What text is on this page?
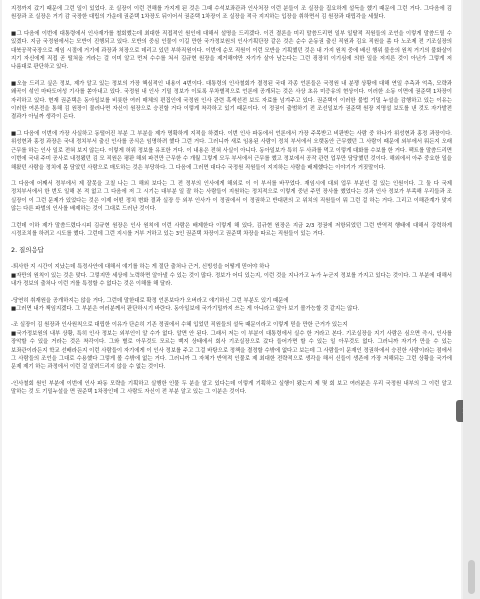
지정까지 갔기 때문에 그런 일이 있었다. 조 실장이 이런 견해를 가지게 된 것은 그때 수석보좌관과 인사처장 이런 분들이 조 실장을 집요하게 설득을 했기 때문에 그런 거다. 그다음에 김 원장과 조 실장은 거기 감 국장한 대립의 가운데 권준택 1차장도 뒤이어서 권준택 1차장이 조 실장을 적극 지지하는 입장을 취하면서 김 원장과 대립각을 세웠다.
■그 다음에 이번에 대통령에서 인사재가를 철회했는데 최대한 직접적인 원인에 대해서 설명을 드리겠다. 이건 결론을 미리 말씀드리면 일부 일탈적 직원들의 조언을 이렇게 말씀드릴 수 있겠다. 지금 국정원에서는 모반이 진행되고 있다. 모반의 중심 인물이 이길 만한 국가정보원의 인사기획단장 같은 것은 순수 운동권 출신 직원과 김요 직원을 좀 다 노조제 전 기조실장의 대북공작국장으로 재임 시절에 거기에 과장과 처장으로 데리고 있던 부하직원이다. 이번에 순모 직원이 이런 모반을 기획했던 것은 내 가지 원칙 중에 배신 행위 불응의 원칙 거기의 불화살이 지기 자신에게 직접 곧 떨쳐올 거라는 걸 이미 알고 먼저 수수를 쳐서 김규현 원장을 제거해야만 자기가 살아 남는다는 그런 굉장히 이기심에 의한 일을 저지른 것이 아닌가 그렇게 저 나름대로 판단하고 있다.
■오늘 드리고 싶은 정보, 제가 알고 있는 정보의 가장 핵심적인 내용이 4번이다. 대통령의 인사철회가 결정된 국대 각종 언론들은 국정원 내 분쟁 상황에 대해 연일 추측과 억측, 모략과 왜곡이 섞인 마타도어성 기사를 쏟아내고 있다. 국정원 내 인사 기밀 정보가 이토록 무차별적으로 언론에 공개되는 것은 사상 초유 미증유의 현상이다. 이러한 소동 이면에 권준택 1차장이 자리하고 있다. 현재 권준택은 동아일보를 비롯한 여러 매체의 편집인에 국정원 인사 관련 혹색선전 보도 자료를 넘겨주고 있다. 권준택이 이러한 불법 기밀 누설을 감행하고 있는 이유는 이러한 여론전을 통해 김 원장이 물러나면 자신이 원장으로 승진할 거다 이렇게 착각하고 있기 때문이다. 이 정권이 출범하기 전 조선일보가 권준택 원장 지명설 보도를 낸 것도 자가발전 결과가 아닐까 생각이 든다.
■그 다음에 이번에 가장 사실하고 동떨어진 부분 그 부분을 제가 명확하게 지적을 하겠다. 이번 인사 파동에서 언론에서 가장 주목받고 비판받는 사람 중 하나가 위성현과 홍정 과장이다. 위성현과 홍정 과장은 국내 정치부서 출신 인사를 공식은 임명하려 했다 그런 거다. 그러니까 새로 임용된 사람이 정치 부서에서 오랫동안 근무했던 그 사람이 때문에 외부에서 뭐든지 오래 근무를 하는 인사 일로 전혀 보지 않는다. 이렇게 허위 정보를 유포한 거다. 이 내용은 전혀 사실이 아니다. 동아일보가 특히 두 사과를 먹고 이렇게 대화를 수보를 한 거다. 팩트를 말씀드리면 이번에 국내 주미 공사로 내정됐던 김 모 직원은 평판 해외 파견만 근무한 수 개월 그렇게 모두 부서에서 근무를 했고 정보에서 공작 관련 업무만 담당했던 것이다. 해외에서 아주 중요한 일을 해왔던 사람을 정치에 몸 담았던 사람으로 매도하는 것은 부당하다. 그 다음에 그러면 대다수 국정원 직원들이 지지하는 사람을 배제했다는 이야기가 거짓말이다.
그 다음에 어째서 정부에서 제 잘못을 고칠 나는 그 해외 보다는 그 전 정부의 인사에게 해외로 이 이 부서를 바꾸었다. 재임시에 대외 업무 부분인 걸 있는 인원이다. 그 둘 다 국제 정치부서에서 한 번도 일해 본 적 없고 그 다음에 저 그 시기는 대부분 일 잘 하는 사람들이 지원하는 정치적으로 이렇게 중년 주민 장사를 했었다는 것과 인사 정보가 부족해 우리들과 조 실장이 이 그런 문제가 있었다는 것은 이제 어떤 정치 변화 결과 실장 등 외부 인사가 이 정권에서 이 정권하고 반대편의 고 위치의 직원들이 뭐 그런 걸 하는 거다. 그리고 이해관계가 맞지 않는 다른 파벌의 인사를 배제하는 것이 그대로 드러난 것이다.
그런데 이하 제가 말씀드렸다시피 김규현 원장은 인사 원칙에 이런 사람은 배제한다 이렇게 해 있다, 김규현 원장은 지금 2/3 정권에 저항되었던 그런 반역적 행태에 대해서 강력하게 시정조치를 하려고 시도를 했다. 그런데 그런 지시를 거부 거하고 있는 3인 권준택 차장이고 권준택 차장을 따르는 직원들이 있는 거다.
2. 질의응답
-퇴사한 지 시간이 지났는데 특정사안에 대해서 얘기를 하는 게 절단 출처나 근거, 신빙성을 어떻게 믿어야 하나
■자만의 원칙이 있는 것은 맞다. 그렇지만 세상에 노력하면 알아낼 수 있는 것이 많다. 정보가 어디 있는지, 이런 것을 지나가고 누가 누군지 정보를 가지고 있다는 것이다. 그 부분에 대해서 내가 정보의 출처나 이런 거를 특정할 수 없다는 것은 이해를 해 달라.
-당연히 취재원을 공개하지는 않을 거다, 그런데 말한대로 확정 언론보다가 오버라고 얘기하신 그런 부분도 있기 때문에
■그러면 내가 책임지겠다. 그 부분은 여러분께서 판단하시기 바란다. 동아일보에 국가기밀까지 쓰는 게 아니라고 알아 보기 볼가능할 것 같지는 않다.
-조 실장이 김 원장과 인사원칙으로 대립한 이유가 단순히 기존 정권에서 수혜 입었던 직원들의 설득 때문이라고 이렇게 믿을 만한 근거가 있는지
■국가정보원의 내부 상황, 특히 인사 정보는 외부인이 알 수가 없다. 알면 안 된다. 그래서 저는 이 부분이 대통령에서 실수 한 거라고 본다. 기조실장을 지기 사람은 심으면 즉시, 인사를 장악할 수 있을 거라는 것은 착각이다. 그와 별로 아무것도 모르는 백지 상태에서 회사 기조실장으로 갔다 들어가면 할 수 있는 일 아무것도 없다. 그러니까 자기가 만을 수 있는 보좌관이라든지 학교 선배라든지 이런 사람들이 자기에게 이 인사 정보를 주고 그걸 바탕으로 정책을 결정할 수밖에 없다고 보는데 그 사람들이 문재인 정권하에서 승진한 사람이라는 점에서 그 사람들의 조언을 그대로 수용했다 그렇게 볼 수밖에 없는 거다. 그러니까 그 자체가 반역적 인물로 제 최대한 전략적으로 생각을 해서 신들이 생존에 가장 저해되는 그런 상황을 국가에 문제 제기 하는 과정에서 이런 걸 알려드리지 않을 수 없는 것이다.
-인사철회 원인 부분에 이번에 인사 파동 모략을 기획하고 실행한 인물 두 분을 알고 있다는데 이렇게 기획하고 실행이 됐는지 제 몇 회 보고 여러분은 우리 국정원 내부의 그 이런 알고 말하는 것 도 기밀누설을 면 권준택 1차장인데 그 사람도 자신이 전 부분 알고 있는 그 이분은 것이다.
